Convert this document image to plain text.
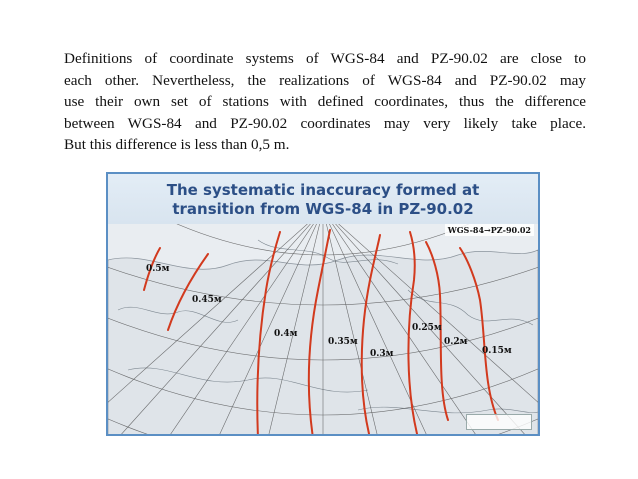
Definitions of coordinate systems of WGS-84 and PZ-90.02 are close to
each other. Nevertheless, the realizations of WGS-84 and PZ-90.02 may
use their own set of stations with defined coordinates, thus the difference
between WGS-84 and PZ-90.02 coordinates may very likely take place.
But this difference is less than 0,5 m.
The systematic inaccuracy formed at
transition from WGS-84 in PZ-90.02
WGS-84→PZ-90.02
0.5м
0.45м
0.4м
0.35м
0.3м
0.25м
0.2м
0.15м
